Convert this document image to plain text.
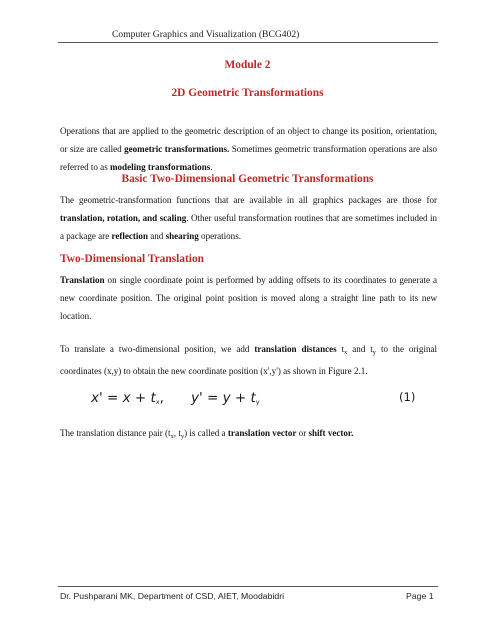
Computer Graphics and Visualization (BCG402)
Module 2
2D Geometric Transformations
Operations that are applied to the geometric description of an object to change its position, orientation, or size are called geometric transformations. Sometimes geometric transformation operations are also referred to as modeling transformations.
Basic Two-Dimensional Geometric Transformations
The geometric-transformation functions that are available in all graphics packages are those for translation, rotation, and scaling. Other useful transformation routines that are sometimes included in a package are reflection and shearing operations.
Two-Dimensional Translation
Translation on single coordinate point is performed by adding offsets to its coordinates to generate a new coordinate position. The original point position is moved along a straight line path to its new location.
To translate a two-dimensional position, we add translation distances $t_x$ and $t_y$ to the original coordinates (x,y) to obtain the new coordinate position (x',y') as shown in Figure 2.1.
$x' = x + t_x$, $y' = y + t_y$	(1)
The translation distance pair ($t_x$, $t_y$) is called a translation vector or shift vector.
Dr. Pushparani MK, Department of CSD, AIET, Moodabidri	Page 1
